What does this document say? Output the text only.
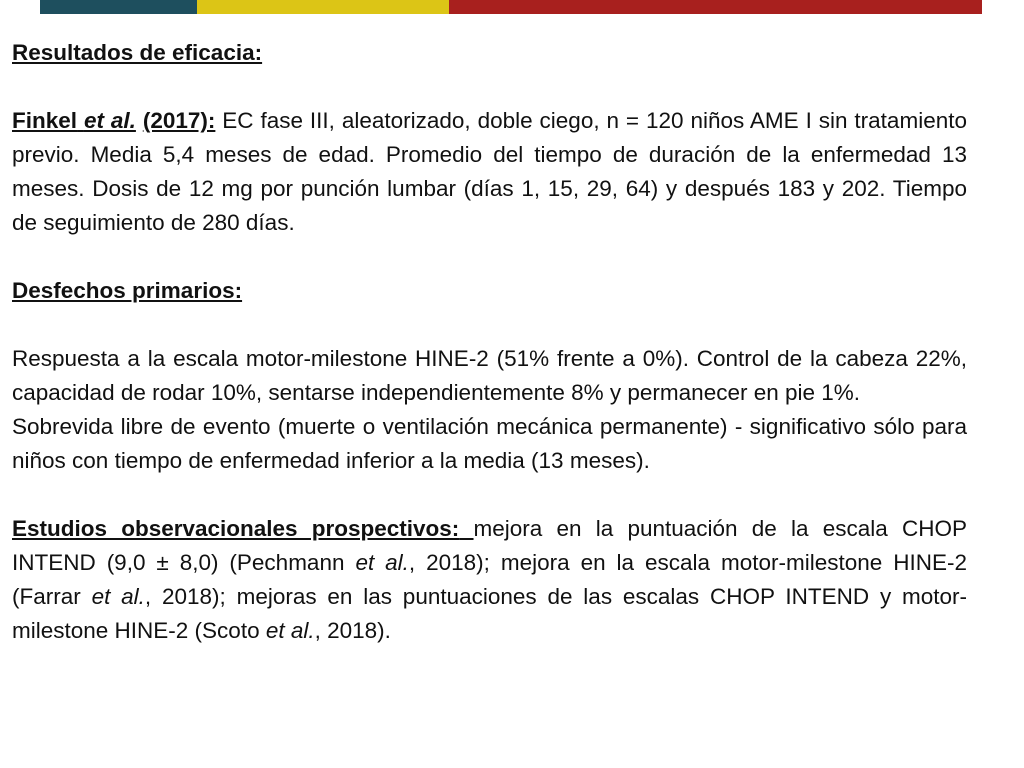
Resultados de eficacia:

Finkel et al. (2017): EC fase III, aleatorizado, doble ciego, n = 120 niños AME I sin tratamiento previo. Media 5,4 meses de edad. Promedio del tiempo de duración de la enfermedad 13 meses. Dosis de 12 mg por punción lumbar (días 1, 15, 29, 64) y después 183 y 202. Tiempo de seguimiento de 280 días.

Desfechos primarios:

Respuesta a la escala motor-milestone HINE-2 (51% frente a 0%). Control de la cabeza 22%, capacidad de rodar 10%, sentarse independientemente 8% y permanecer en pie 1%.

Sobrevida libre de evento (muerte o ventilación mecánica permanente) - significativo sólo para niños con tiempo de enfermedad inferior a la media (13 meses).

Estudios observacionales prospectivos: mejora en la puntuación de la escala CHOP INTEND (9,0 ± 8,0) (Pechmann et al., 2018); mejora en la escala motor-milestone HINE-2 (Farrar et al., 2018); mejoras en las puntuaciones de las escalas CHOP INTEND y motor-milestone HINE-2 (Scoto et al., 2018).
